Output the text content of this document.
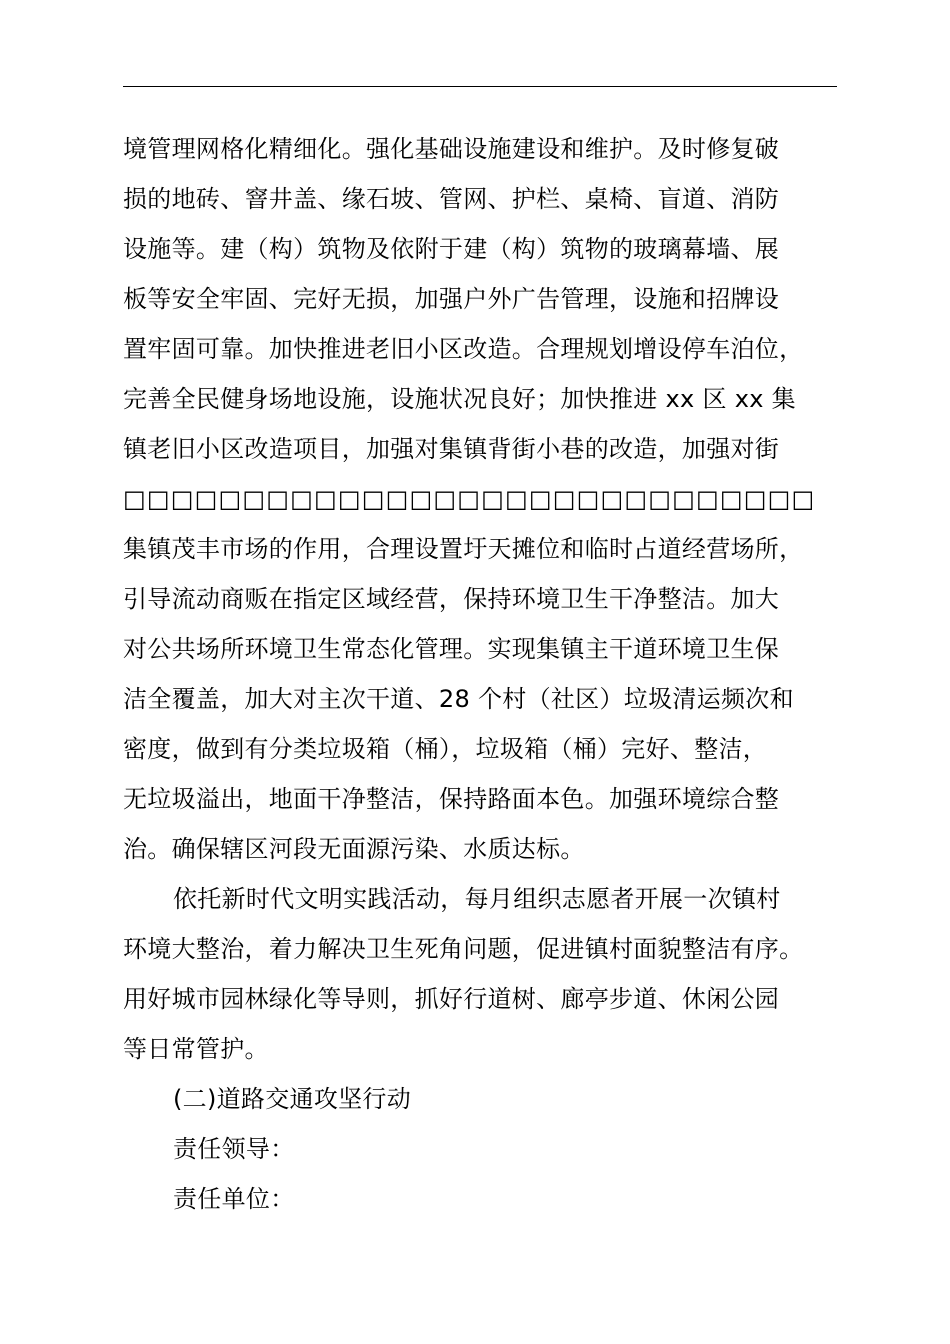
境管理网格化精细化。强化基础设施建设和维护。及时修复破
损的地砖、窨井盖、缘石坡、管网、护栏、桌椅、盲道、消防
设施等。建（构）筑物及依附于建（构）筑物的玻璃幕墙、展
板等安全牢固、完好无损，加强户外广告管理，设施和招牌设
置牢固可靠。加快推进老旧小区改造。合理规划增设停车泊位，
完善全民健身场地设施，设施状况良好；加快推进 xx 区 xx 集
镇老旧小区改造项目，加强对集镇背街小巷的改造，加强对街
□□□□□□□□□□□□□□□□□□□□□□□□□□□□□
集镇茂丰市场的作用，合理设置圩天摊位和临时占道经营场所，
引导流动商贩在指定区域经营，保持环境卫生干净整洁。加大
对公共场所环境卫生常态化管理。实现集镇主干道环境卫生保
洁全覆盖，加大对主次干道、28 个村（社区）垃圾清运频次和
密度，做到有分类垃圾箱（桶），垃圾箱（桶）完好、整洁，
无垃圾溢出，地面干净整洁，保持路面本色。加强环境综合整
治。确保辖区河段无面源污染、水质达标。
依托新时代文明实践活动，每月组织志愿者开展一次镇村
环境大整治，着力解决卫生死角问题，促进镇村面貌整洁有序。
用好城市园林绿化等导则，抓好行道树、廊亭步道、休闲公园
等日常管护。
(二)道路交通攻坚行动
责任领导：
责任单位：
